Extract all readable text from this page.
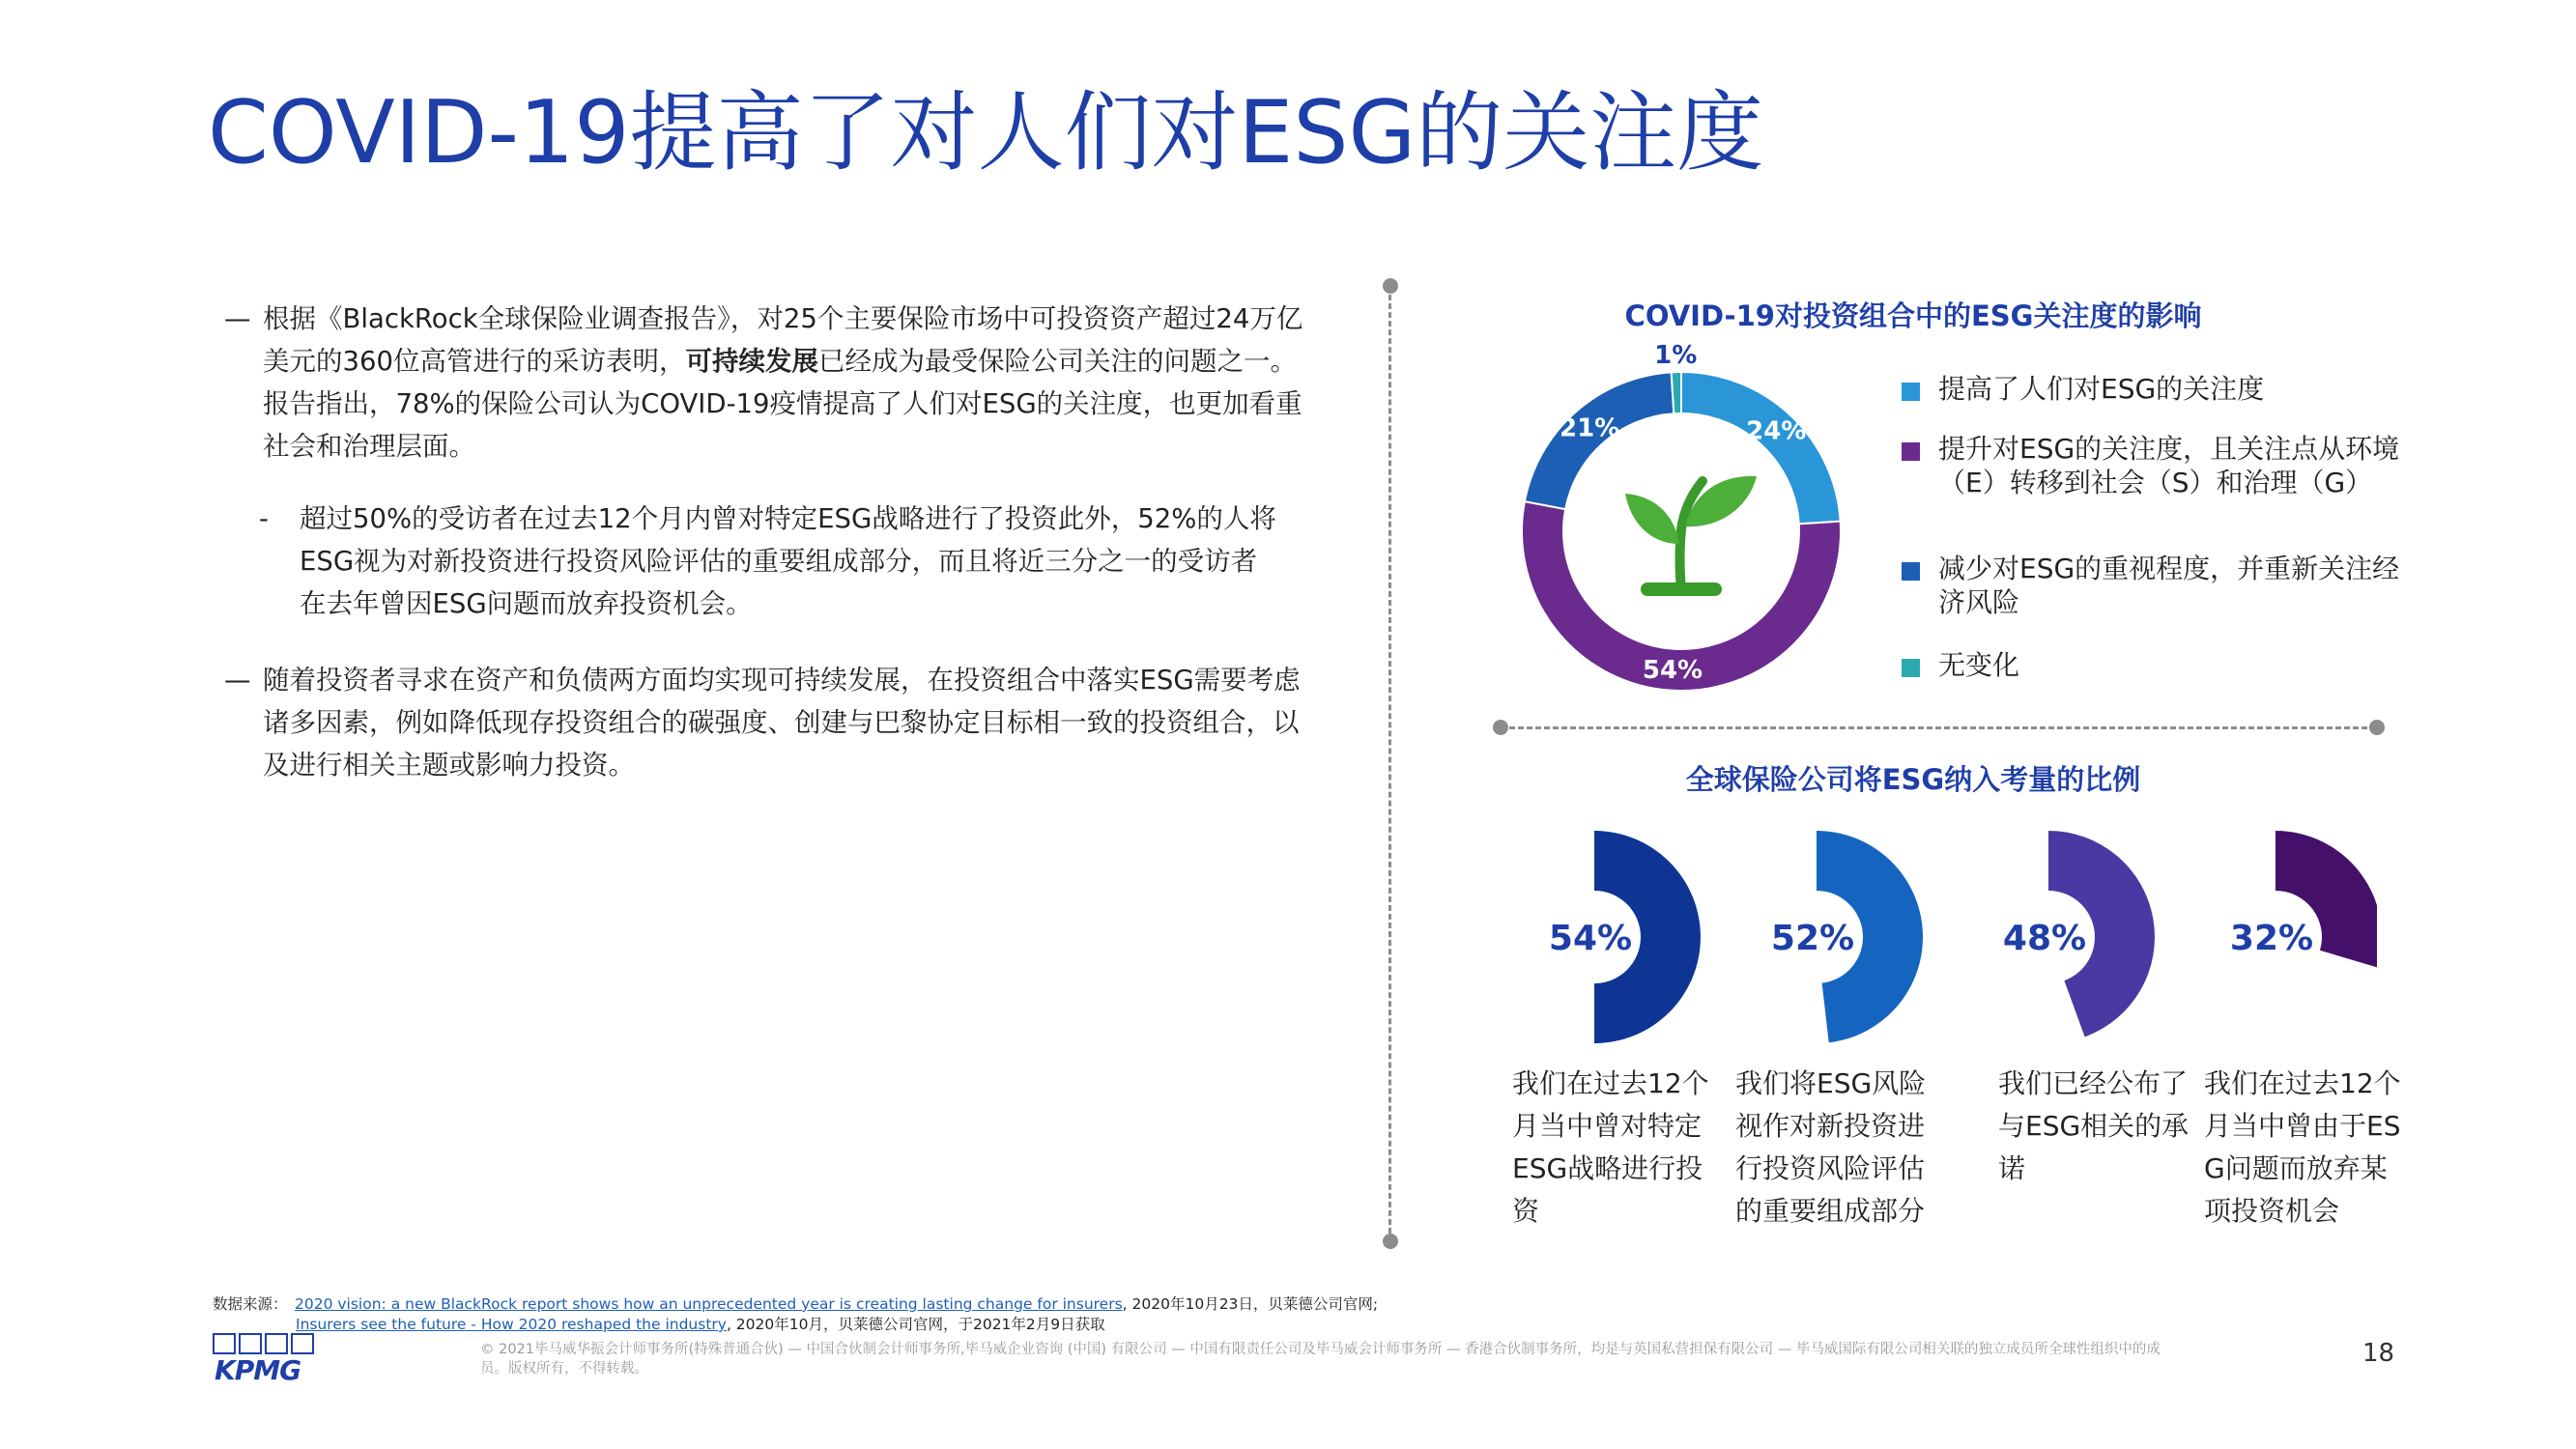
COVID-19提高了对人们对ESG的关注度
— 根据《BlackRock全球保险业调查报告》，对25个主要保险市场中可投资资产超过24万亿美元的360位高管进行的采访表明，可持续发展已经成为最受保险公司关注的问题之一。报告指出，78%的保险公司认为COVID-19疫情提高了人们对ESG的关注度，也更加看重社会和治理层面。
- 超过50%的受访者在过去12个月内曾对特定ESG战略进行了投资此外，52%的人将ESG视为对新投资进行投资风险评估的重要组成部分，而且将近三分之一的受访者在去年曾因ESG问题而放弃投资机会。
— 随着投资者寻求在资产和负债两方面均实现可持续发展，在投资组合中落实ESG需要考虑诸多因素，例如降低现存投资组合的碳强度、创建与巴黎协定目标相一致的投资组合，以及进行相关主题或影响力投资。
COVID-19对投资组合中的ESG关注度的影响
24%
54%
21%
1%
提高了人们对ESG的关注度
提升对ESG的关注度，且关注点从环境（E）转移到社会（S）和治理（G）
减少对ESG的重视程度，并重新关注经济风险
无变化
全球保险公司将ESG纳入考量的比例
54%	52%	48%	32%

我们在过去12个月当中曾对特定ESG战略进行投资

我们将ESG风险视作对新投资进行投资风险评估的重要组成部分

我们已经公布了与ESG相关的承诺

我们在过去12个月当中曾由于ESG问题而放弃某项投资机会

数据来源： 2020 vision: a new BlackRock report shows how an unprecedented year is creating lasting change for insurers, 2020年10月23日，贝莱德公司官网;
Insurers see the future - How 2020 reshaped the industry, 2020年10月，贝莱德公司官网，于2021年2月9日获取
KPMG
© 2021毕马威华振会计师事务所(特殊普通合伙) — 中国合伙制会计师事务所,毕马威企业咨询 (中国) 有限公司 — 中国有限责任公司及毕马威会计师事务所 — 香港合伙制事务所，均是与英国私营担保有限公司 — 毕马威国际有限公司相关联的独立成员所全球性组织中的成员。版权所有，不得转载。
18
